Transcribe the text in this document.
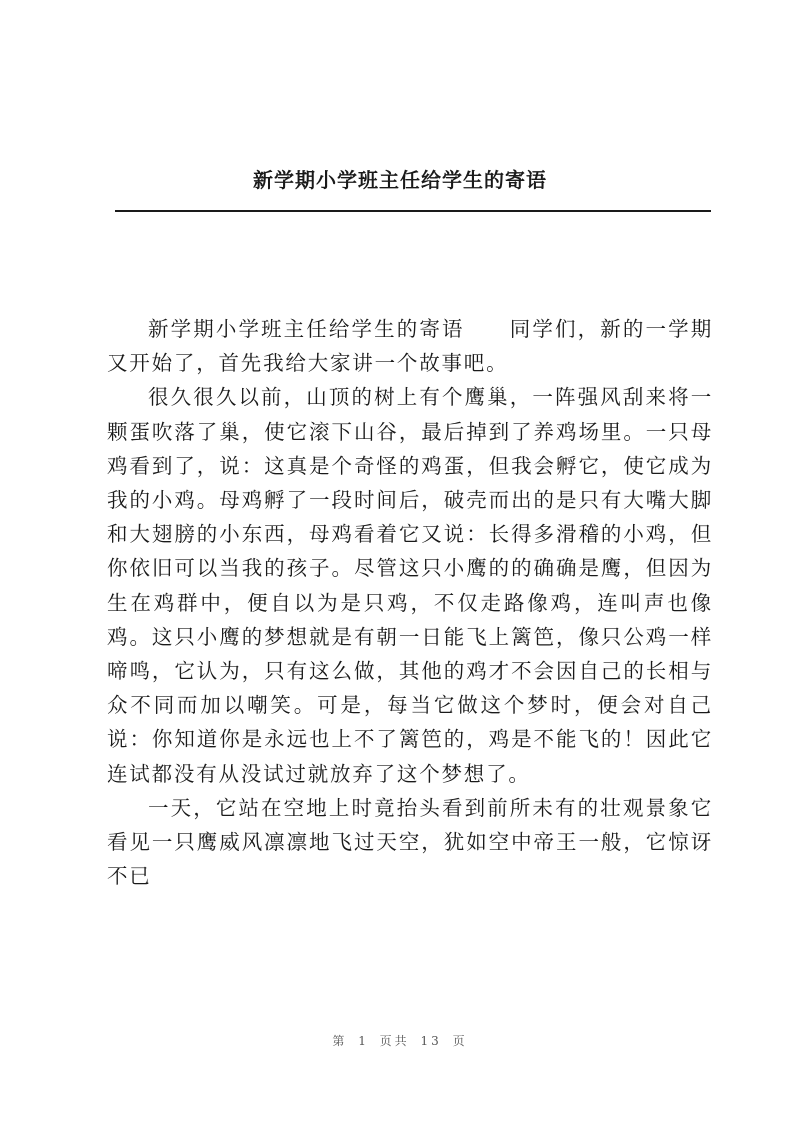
新学期小学班主任给学生的寄语

新学期小学班主任给学生的寄语　　同学们，新的一学期又开始了，首先我给大家讲一个故事吧。

很久很久以前，山顶的树上有个鹰巢，一阵强风刮来将一颗蛋吹落了巢，使它滚下山谷，最后掉到了养鸡场里。一只母鸡看到了，说：这真是个奇怪的鸡蛋，但我会孵它，使它成为我的小鸡。母鸡孵了一段时间后，破壳而出的是只有大嘴大脚和大翅膀的小东西，母鸡看着它又说：长得多滑稽的小鸡，但你依旧可以当我的孩子。尽管这只小鹰的的确确是鹰，但因为生在鸡群中，便自以为是只鸡，不仅走路像鸡，连叫声也像鸡。这只小鹰的梦想就是有朝一日能飞上篱笆，像只公鸡一样啼鸣，它认为，只有这么做，其他的鸡才不会因自己的长相与众不同而加以嘲笑。可是，每当它做这个梦时，便会对自己说：你知道你是永远也上不了篱笆的，鸡是不能飞的！因此它连试都没有从没试过就放弃了这个梦想了。

一天，它站在空地上时竟抬头看到前所未有的壮观景象它看见一只鹰威风凛凛地飞过天空，犹如空中帝王一般，它惊讶不已

第 1 页共 13 页
